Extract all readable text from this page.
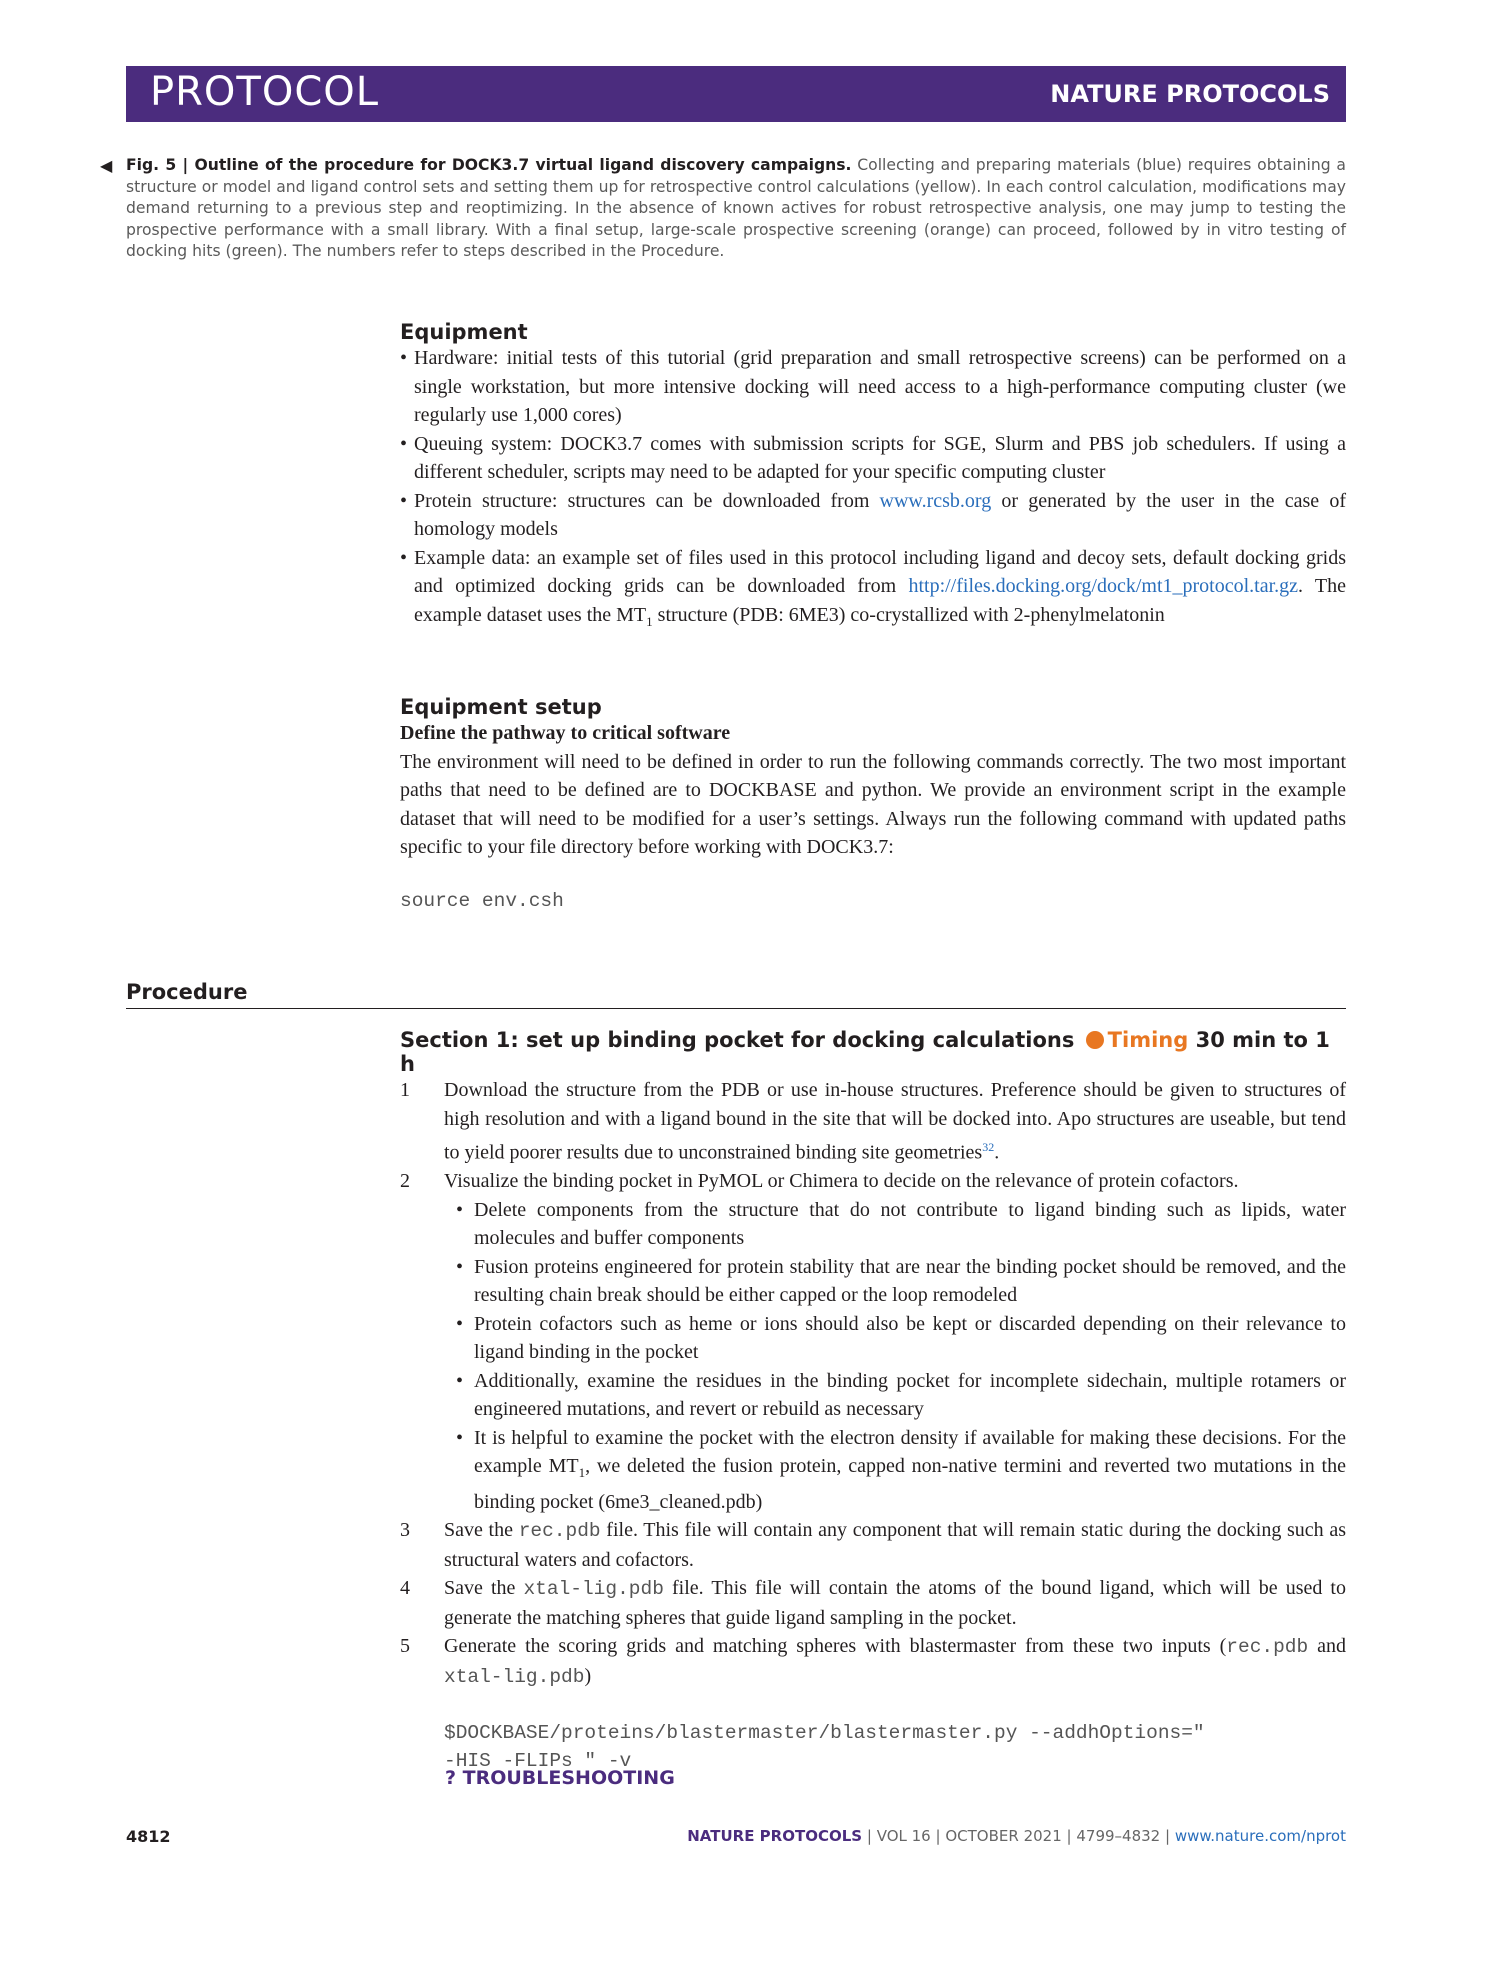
PROTOCOL	NATURE PROTOCOLS
◀ Fig. 5 | Outline of the procedure for DOCK3.7 virtual ligand discovery campaigns. Collecting and preparing materials (blue) requires obtaining a structure or model and ligand control sets and setting them up for retrospective control calculations (yellow). In each control calculation, modifications may demand returning to a previous step and reoptimizing. In the absence of known actives for robust retrospective analysis, one may jump to testing the prospective performance with a small library. With a final setup, large-scale prospective screening (orange) can proceed, followed by in vitro testing of docking hits (green). The numbers refer to steps described in the Procedure.
Equipment
• Hardware: initial tests of this tutorial (grid preparation and small retrospective screens) can be performed on a single workstation, but more intensive docking will need access to a high-performance computing cluster (we regularly use 1,000 cores)
• Queuing system: DOCK3.7 comes with submission scripts for SGE, Slurm and PBS job schedulers. If using a different scheduler, scripts may need to be adapted for your specific computing cluster
• Protein structure: structures can be downloaded from www.rcsb.org or generated by the user in the case of homology models
• Example data: an example set of files used in this protocol including ligand and decoy sets, default docking grids and optimized docking grids can be downloaded from http://files.docking.org/dock/mt1_protocol.tar.gz. The example dataset uses the $MT_1$ structure (PDB: 6ME3) co-crystallized with 2-phenylmelatonin
Equipment setup
Define the pathway to critical software
The environment will need to be defined in order to run the following commands correctly. The two most important paths that need to be defined are to DOCKBASE and python. We provide an environment script in the example dataset that will need to be modified for a user’s settings. Always run the following command with updated paths specific to your file directory before working with DOCK3.7:
source env.csh
Procedure
Section 1: set up binding pocket for docking calculations Timing 30 min to 1 h
1 Download the structure from the PDB or use in-house structures. Preference should be given to structures of high resolution and with a ligand bound in the site that will be docked into. Apo structures are useable, but tend to yield poorer results due to unconstrained binding site geometries$^{32}$.
2 Visualize the binding pocket in PyMOL or Chimera to decide on the relevance of protein cofactors.
• Delete components from the structure that do not contribute to ligand binding such as lipids, water molecules and buffer components
• Fusion proteins engineered for protein stability that are near the binding pocket should be removed, and the resulting chain break should be either capped or the loop remodeled
• Protein cofactors such as heme or ions should also be kept or discarded depending on their relevance to ligand binding in the pocket
• Additionally, examine the residues in the binding pocket for incomplete sidechain, multiple rotamers or engineered mutations, and revert or rebuild as necessary
• It is helpful to examine the pocket with the electron density if available for making these decisions. For the example $MT_1$, we deleted the fusion protein, capped non-native termini and reverted two mutations in the binding pocket (6me3_cleaned.pdb)
3 Save the rec.pdb file. This file will contain any component that will remain static during the docking such as structural waters and cofactors.
4 Save the xtal-lig.pdb file. This file will contain the atoms of the bound ligand, which will be used to generate the matching spheres that guide ligand sampling in the pocket.
5 Generate the scoring grids and matching spheres with blastermaster from these two inputs (rec.pdb and xtal-lig.pdb)
$DOCKBASE/proteins/blastermaster/blastermaster.py --addhOptions="
-HIS -FLIPs " -v
? TROUBLESHOOTING
4812	NATURE PROTOCOLS | VOL 16 | OCTOBER 2021 | 4799–4832 | www.nature.com/nprot
